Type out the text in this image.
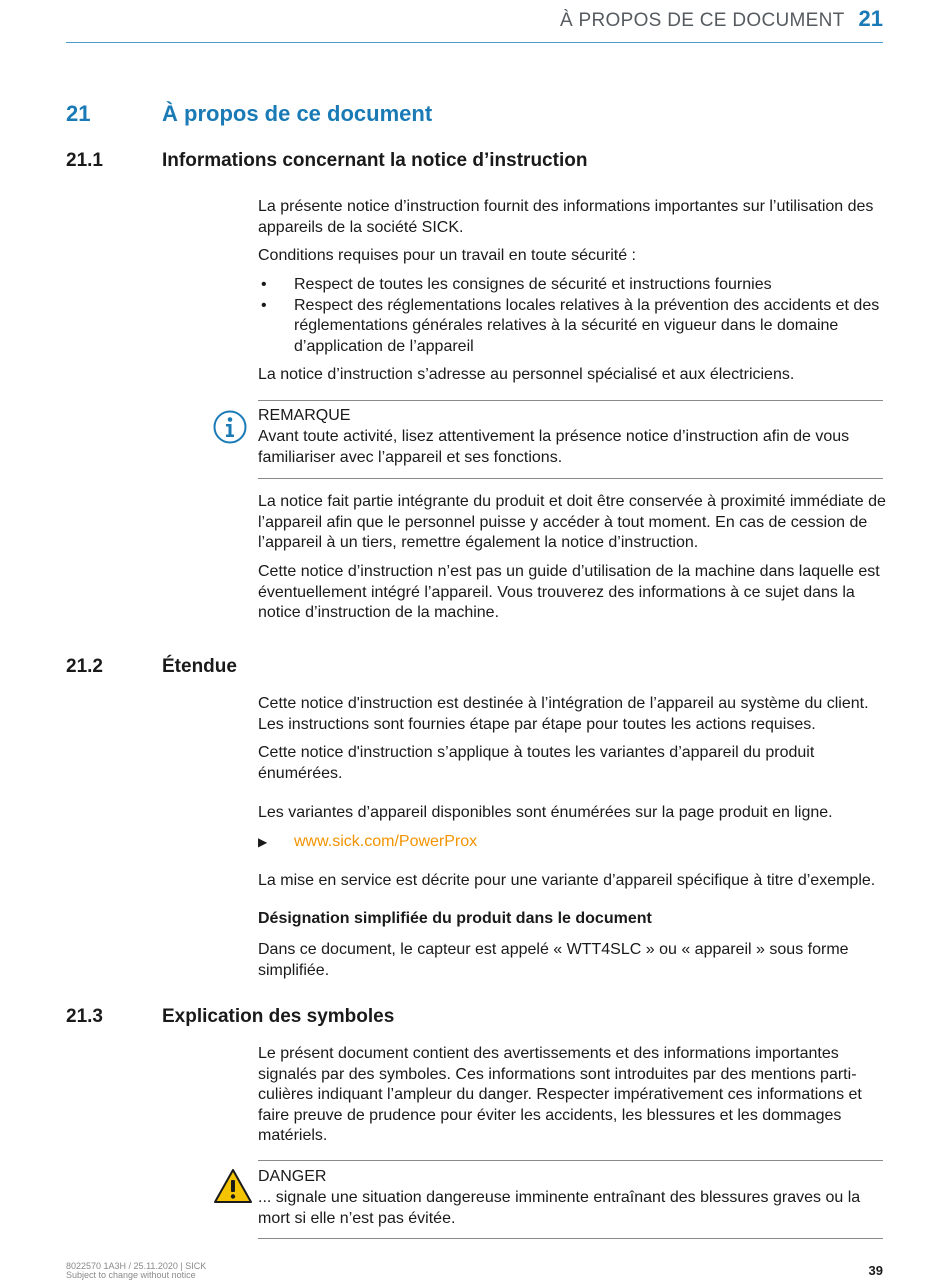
À PROPOS DE CE DOCUMENT 21
21	À propos de ce document
21.1	Informations concernant la notice d’instruction

La présente notice d’instruction fournit des informations importantes sur l’utilisation des appareils de la société SICK.

Conditions requises pour un travail en toute sécurité :

• Respect de toutes les consignes de sécurité et instructions fournies
• Respect des réglementations locales relatives à la prévention des accidents et des réglementations générales relatives à la sécurité en vigueur dans le domaine d’application de l’appareil

La notice d’instruction s’adresse au personnel spécialisé et aux électriciens.

REMARQUE

Avant toute activité, lisez attentivement la présence notice d’instruction afin de vous familiariser avec l’appareil et ses fonctions.

La notice fait partie intégrante du produit et doit être conservée à proximité immédiate de l’appareil afin que le personnel puisse y accéder à tout moment. En cas de cession de l’appareil à un tiers, remettre également la notice d’instruction.

Cette notice d’instruction n’est pas un guide d’utilisation de la machine dans laquelle est éventuellement intégré l’appareil. Vous trouverez des informations à ce sujet dans la notice d’instruction de la machine.

21.2	Étendue

Cette notice d'instruction est destinée à l’intégration de l’appareil au système du client. Les instructions sont fournies étape par étape pour toutes les actions requises.

Cette notice d'instruction s’applique à toutes les variantes d’appareil du produit énumérées.

Les variantes d’appareil disponibles sont énumérées sur la page produit en ligne.

▶ www.sick.com/PowerProx

La mise en service est décrite pour une variante d’appareil spécifique à titre d’exemple.

Désignation simplifiée du produit dans le document

Dans ce document, le capteur est appelé « WTT4SLC » ou « appareil » sous forme simplifiée.

21.3	Explication des symboles

Le présent document contient des avertissements et des informations importantes signalés par des symboles. Ces informations sont introduites par des mentions particulières indiquant l’ampleur du danger. Respecter impérativement ces informations et faire preuve de prudence pour éviter les accidents, les blessures et les dommages matériels.

DANGER

... signale une situation dangereuse imminente entraînant des blessures graves ou la mort si elle n’est pas évitée.

8022570 1A3H / 25.11.2020 | SICK
Subject to change without notice	39
